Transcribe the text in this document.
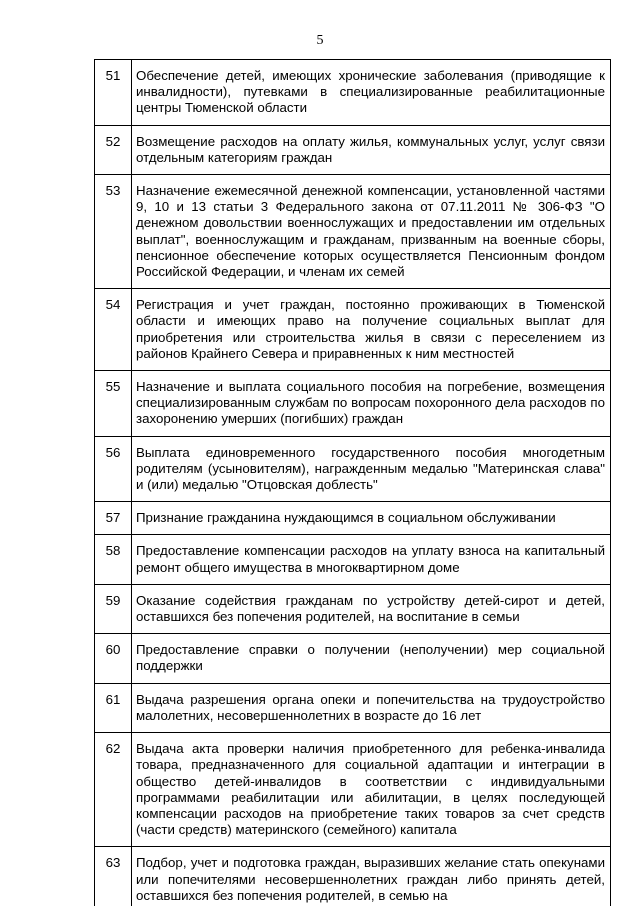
5
51	Обеспечение детей, имеющих хронические заболевания (приводящие к инвалидности), путевками в специализированные реабилитационные центры Тюменской области
52	Возмещение расходов на оплату жилья, коммунальных услуг, услуг связи отдельным категориям граждан
53	Назначение ежемесячной денежной компенсации, установленной частями 9, 10 и 13 статьи 3 Федерального закона от 07.11.2011 № 306-ФЗ "О денежном довольствии военнослужащих и предоставлении им отдельных выплат", военнослужащим и гражданам, призванным на военные сборы, пенсионное обеспечение которых осуществляется Пенсионным фондом Российской Федерации, и членам их семей
54	Регистрация и учет граждан, постоянно проживающих в Тюменской области и имеющих право на получение социальных выплат для приобретения или строительства жилья в связи с переселением из районов Крайнего Севера и приравненных к ним местностей
55	Назначение и выплата социального пособия на погребение, возмещения специализированным службам по вопросам похоронного дела расходов по захоронению умерших (погибших) граждан
56	Выплата единовременного государственного пособия многодетным родителям (усыновителям), награжденным медалью "Материнская слава" и (или) медалью "Отцовская доблесть"
57	Признание гражданина нуждающимся в социальном обслуживании
58	Предоставление компенсации расходов на уплату взноса на капитальный ремонт общего имущества в многоквартирном доме
59	Оказание содействия гражданам по устройству детей-сирот и детей, оставшихся без попечения родителей, на воспитание в семьи
60	Предоставление справки о получении (неполучении) мер социальной поддержки
61	Выдача разрешения органа опеки и попечительства на трудоустройство малолетних, несовершеннолетних в возрасте до 16 лет
62	Выдача акта проверки наличия приобретенного для ребенка-инвалида товара, предназначенного для социальной адаптации и интеграции в общество детей-инвалидов в соответствии с индивидуальными программами реабилитации или абилитации, в целях последующей компенсации расходов на приобретение таких товаров за счет средств (части средств) материнского (семейного) капитала
63	Подбор, учет и подготовка граждан, выразивших желание стать опекунами или попечителями несовершеннолетних граждан либо принять детей, оставшихся без попечения родителей, в семью на
